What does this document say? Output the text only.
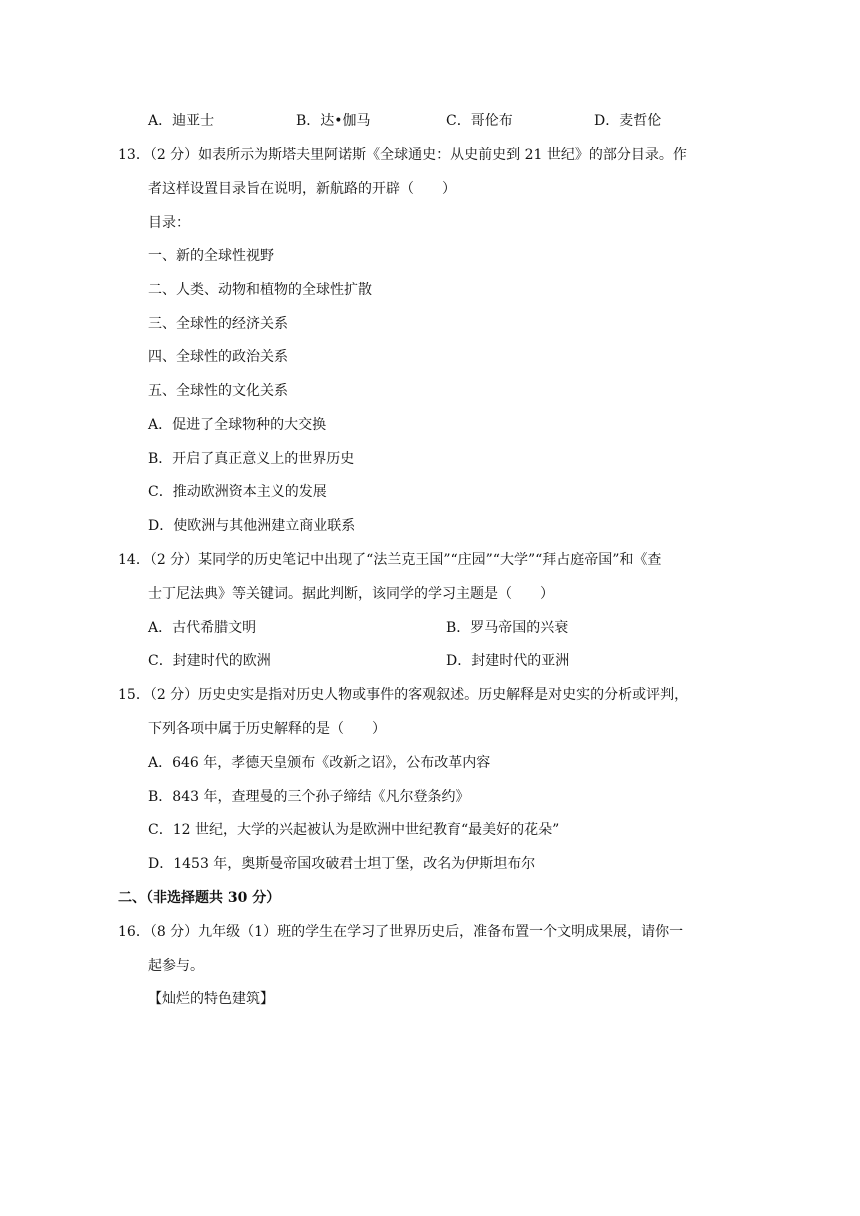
A．迪亚士	B．达•伽马	C．哥伦布	D．麦哲伦
13．（2 分）如表所示为斯塔夫里阿诺斯《全球通史：从史前史到 21 世纪》的部分目录。作
者这样设置目录旨在说明，新航路的开辟（　　）
目录：
一、新的全球性视野
二、人类、动物和植物的全球性扩散
三、全球性的经济关系
四、全球性的政治关系
五、全球性的文化关系
A．促进了全球物种的大交换
B．开启了真正意义上的世界历史
C．推动欧洲资本主义的发展
D．使欧洲与其他洲建立商业联系
14．（2 分）某同学的历史笔记中出现了“法兰克王国”“庄园”“大学”“拜占庭帝国”和《查
士丁尼法典》等关键词。据此判断，该同学的学习主题是（　　）
A．古代希腊文明	B．罗马帝国的兴衰
C．封建时代的欧洲	D．封建时代的亚洲
15．（2 分）历史史实是指对历史人物或事件的客观叙述。历史解释是对史实的分析或评判，
下列各项中属于历史解释的是（　　）
A．646 年，孝德天皇颁布《改新之诏》，公布改革内容
B．843 年，查理曼的三个孙子缔结《凡尔登条约》
C．12 世纪，大学的兴起被认为是欧洲中世纪教育“最美好的花朵”
D．1453 年，奥斯曼帝国攻破君士坦丁堡，改名为伊斯坦布尔
二、（非选择题共 30 分）
16．（8 分）九年级（1）班的学生在学习了世界历史后，准备布置一个文明成果展，请你一
起参与。
【灿烂的特色建筑】
